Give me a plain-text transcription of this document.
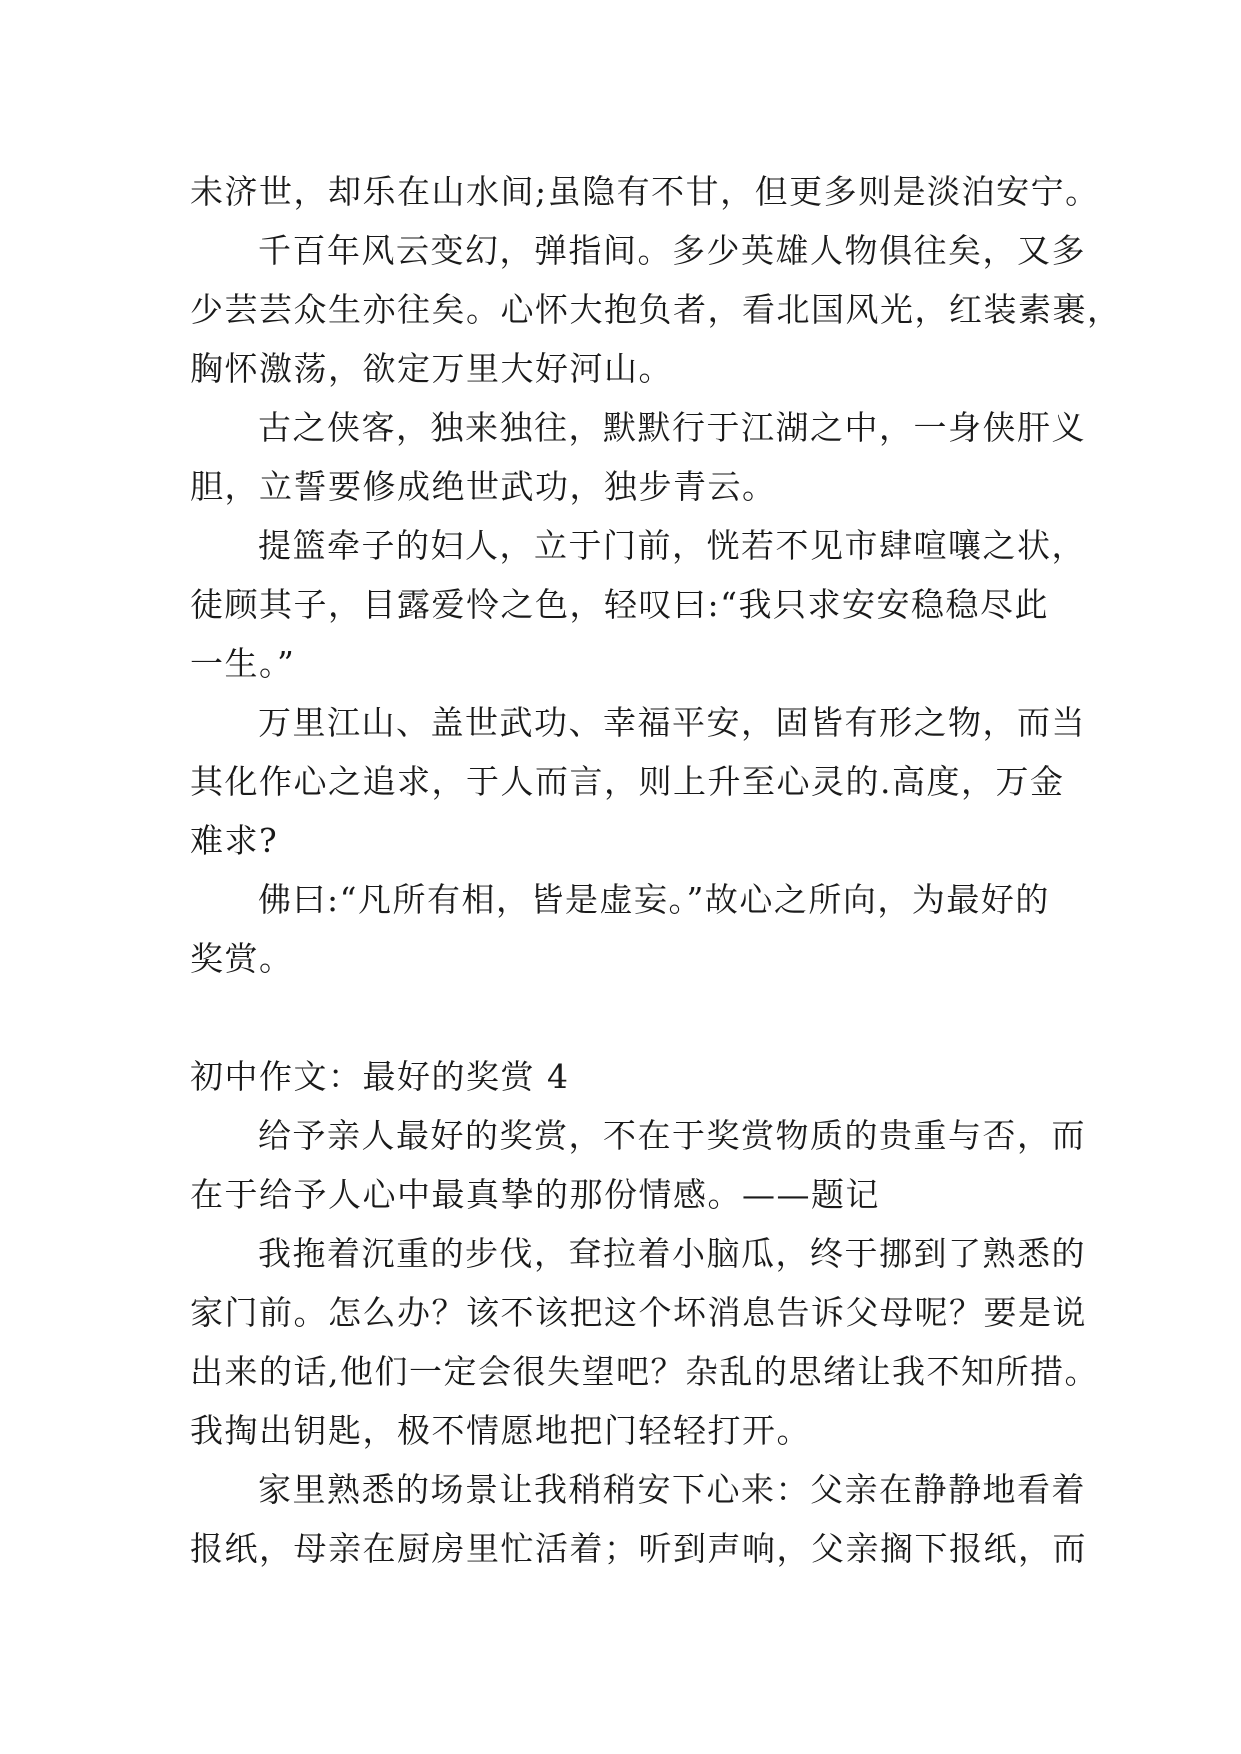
未济世，却乐在山水间;虽隐有不甘，但更多则是淡泊安宁。
千百年风云变幻，弹指间。多少英雄人物俱往矣，又多
少芸芸众生亦往矣。心怀大抱负者，看北国风光，红装素裹，
胸怀激荡，欲定万里大好河山。
古之侠客，独来独往，默默行于江湖之中，一身侠肝义
胆，立誓要修成绝世武功，独步青云。
提篮牵子的妇人，立于门前，恍若不见市肆喧嚷之状，
徒顾其子，目露爱怜之色，轻叹曰:“我只求安安稳稳尽此
一生。”
万里江山、盖世武功、幸福平安，固皆有形之物，而当
其化作心之追求，于人而言，则上升至心灵的.高度，万金
难求?
佛曰:“凡所有相，皆是虚妄。”故心之所向，为最好的
奖赏。
初中作文：最好的奖赏 4
给予亲人最好的奖赏，不在于奖赏物质的贵重与否，而
在于给予人心中最真挚的那份情感。——题记
我拖着沉重的步伐，耷拉着小脑瓜，终于挪到了熟悉的
家门前。怎么办？该不该把这个坏消息告诉父母呢？要是说
出来的话,他们一定会很失望吧？杂乱的思绪让我不知所措。
我掏出钥匙，极不情愿地把门轻轻打开。
家里熟悉的场景让我稍稍安下心来：父亲在静静地看着
报纸，母亲在厨房里忙活着；听到声响，父亲搁下报纸，而
